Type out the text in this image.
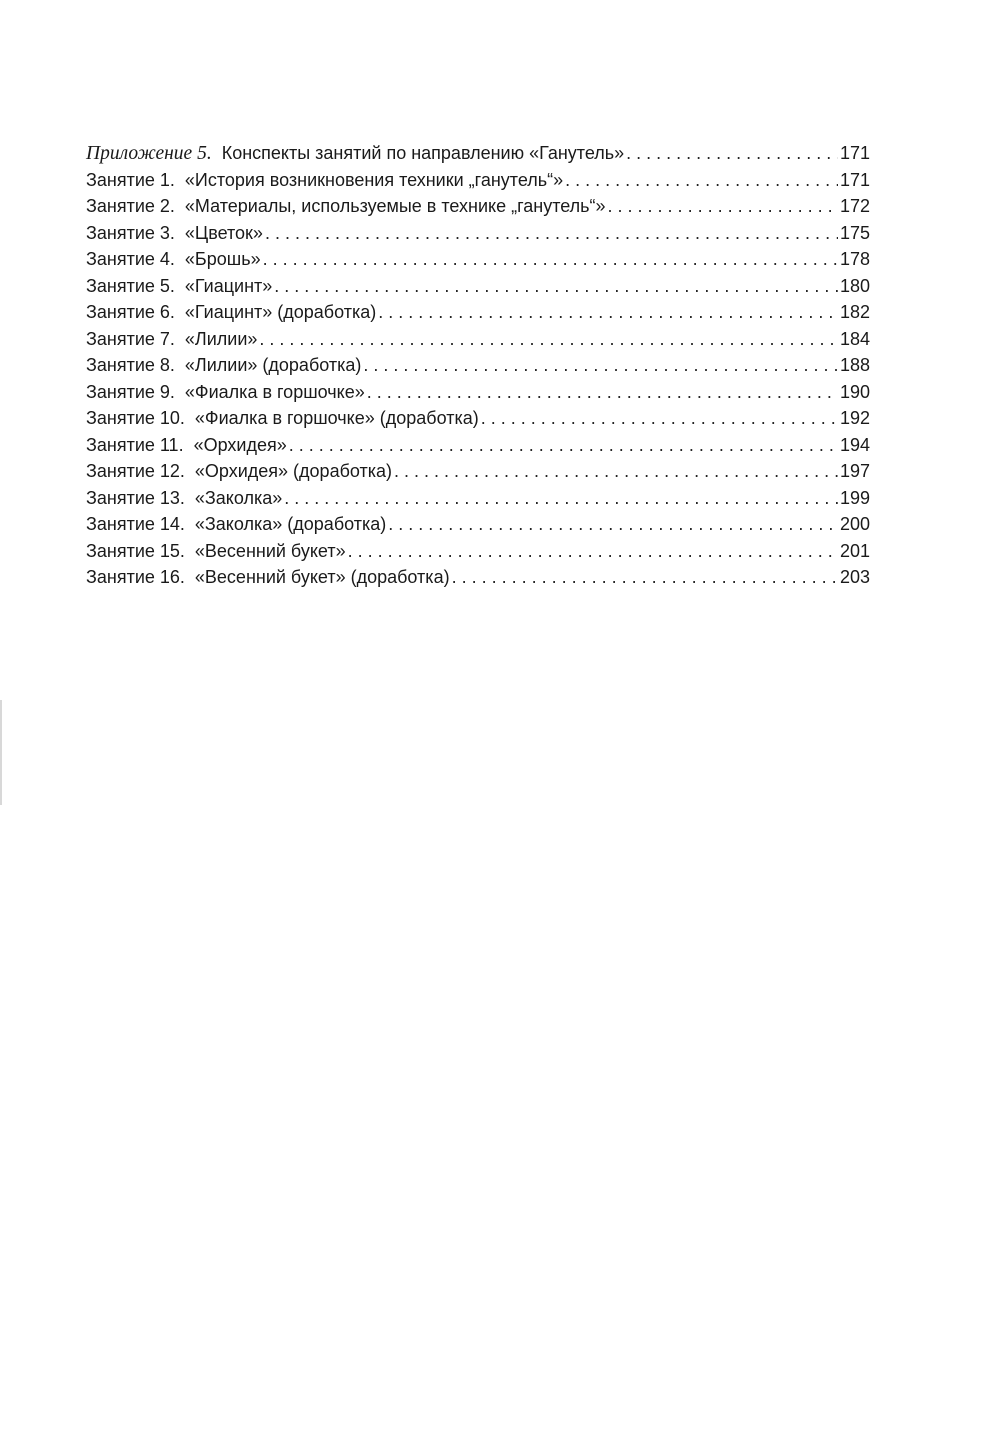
Приложение 5. Конспекты занятий по направлению «Ганутель» . . .	171
Занятие 1. «История возникновения техники „ганутель“» . . .	171
Занятие 2. «Материалы, используемые в технике „ганутель“» . . .	172
Занятие 3. «Цветок» . . .	175
Занятие 4. «Брошь» . . .	178
Занятие 5. «Гиацинт» . . .	180
Занятие 6. «Гиацинт» (доработка) . . .	182
Занятие 7. «Лилии» . . .	184
Занятие 8. «Лилии» (доработка) . . .	188
Занятие 9. «Фиалка в горшочке» . . .	190
Занятие 10. «Фиалка в горшочке» (доработка) . . .	192
Занятие 11. «Орхидея» . . .	194
Занятие 12. «Орхидея» (доработка) . . .	197
Занятие 13. «Заколка» . . .	199
Занятие 14. «Заколка» (доработка) . . .	200
Занятие 15. «Весенний букет» . . .	201
Занятие 16. «Весенний букет» (доработка) . . .	203
